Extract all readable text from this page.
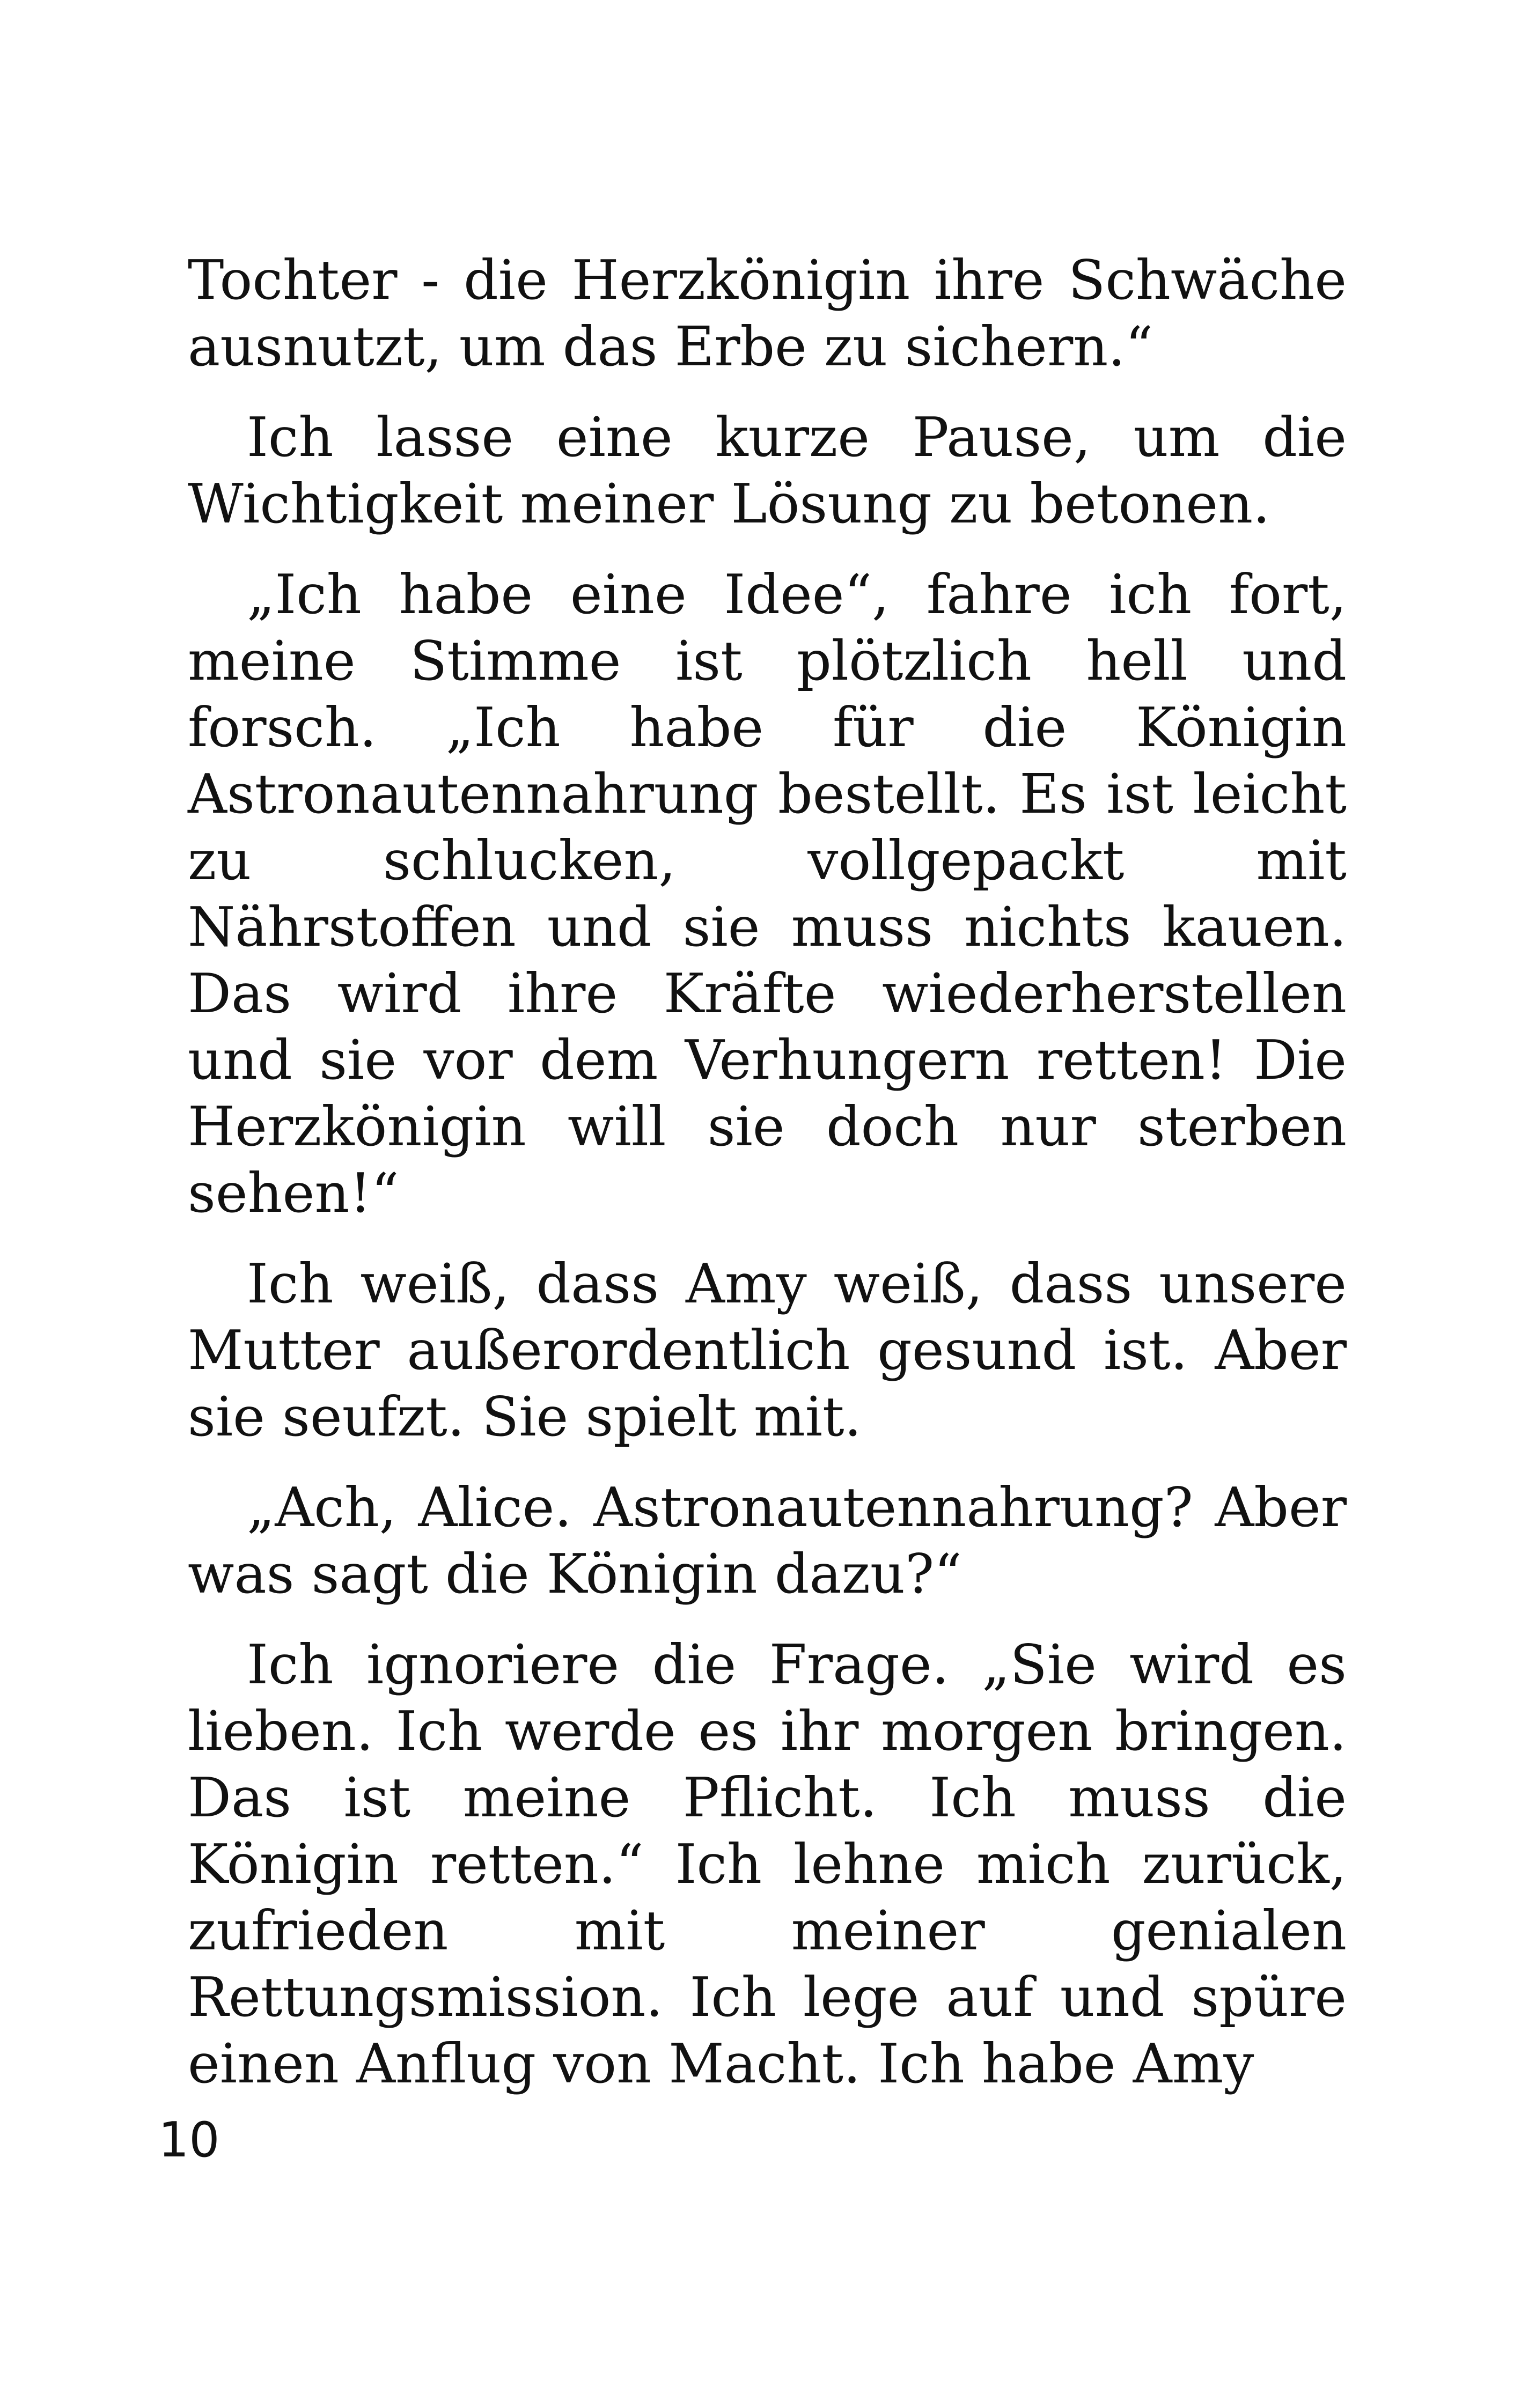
Tochter - die Herzkönigin ihre Schwäche ausnutzt, um das Erbe zu sichern.“

Ich lasse eine kurze Pause, um die Wichtigkeit meiner Lösung zu betonen.

„Ich habe eine Idee“, fahre ich fort, meine Stimme ist plötzlich hell und forsch. „Ich habe für die Königin Astronautennahrung bestellt. Es ist leicht zu schlucken, vollgepackt mit Nährstoffen und sie muss nichts kauen. Das wird ihre Kräfte wiederherstellen und sie vor dem Verhungern retten! Die Herzkönigin will sie doch nur sterben sehen!“

Ich weiß, dass Amy weiß, dass unsere Mutter außerordentlich gesund ist. Aber sie seufzt. Sie spielt mit.

„Ach, Alice. Astronautennahrung? Aber was sagt die Königin dazu?“

Ich ignoriere die Frage. „Sie wird es lieben. Ich werde es ihr morgen bringen. Das ist meine Pflicht. Ich muss die Königin retten.“ Ich lehne mich zurück, zufrieden mit meiner genialen Rettungsmission. Ich lege auf und spüre einen Anflug von Macht. Ich habe Amy

10
